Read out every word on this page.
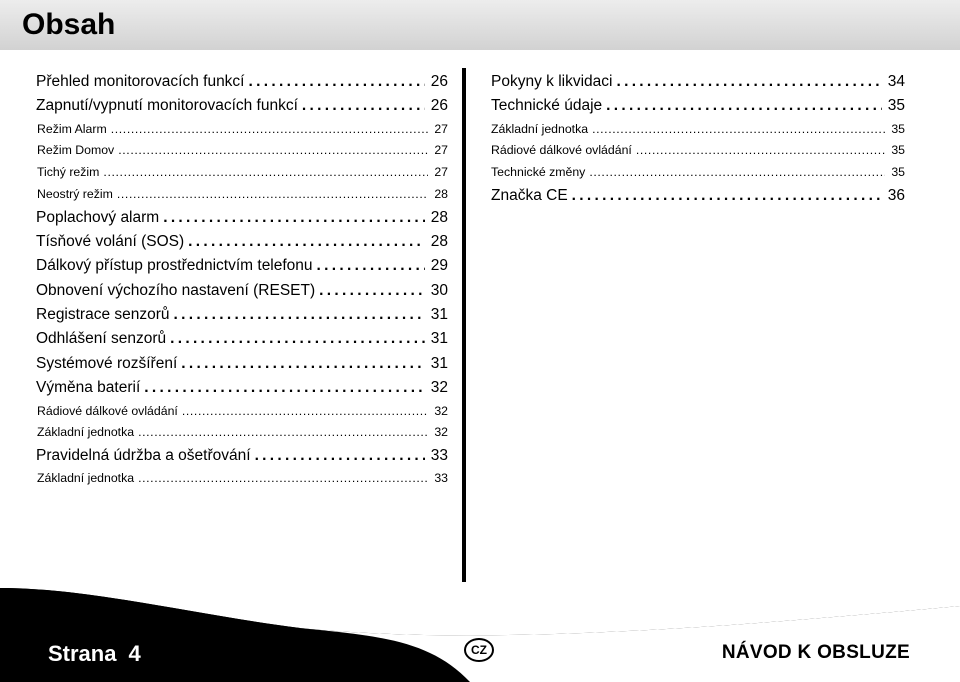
Obsah
Přehled monitorovacích funkcí . . .	26
Zapnutí/vypnutí monitorovacích funkcí . . .	26
Režim Alarm . . .	27
Režim Domov . . .	27
Tichý režim . . .	27
Neostrý režim . . .	28
Poplachový alarm . . .	28
Tísňové volání (SOS) . . .	28
Dálkový přístup prostřednictvím telefonu . . .	29
Obnovení výchozího nastavení (RESET) . . .	30
Registrace senzorů . . .	31
Odhlášení senzorů . . .	31
Systémové rozšíření . . .	31
Výměna baterií . . .	32
Rádiové dálkové ovládání . . .	32
Základní jednotka . . .	32
Pravidelná údržba a ošetřování . . .	33
Základní jednotka . . .	33
Pokyny k likvidaci . . .	34
Technické údaje . . .	35
Základní jednotka . . .	35
Rádiové dálkové ovládání . . .	35
Technické změny . . .	35
Značka CE . . .	36
Strana 4	CZ	NÁVOD K OBSLUZE
